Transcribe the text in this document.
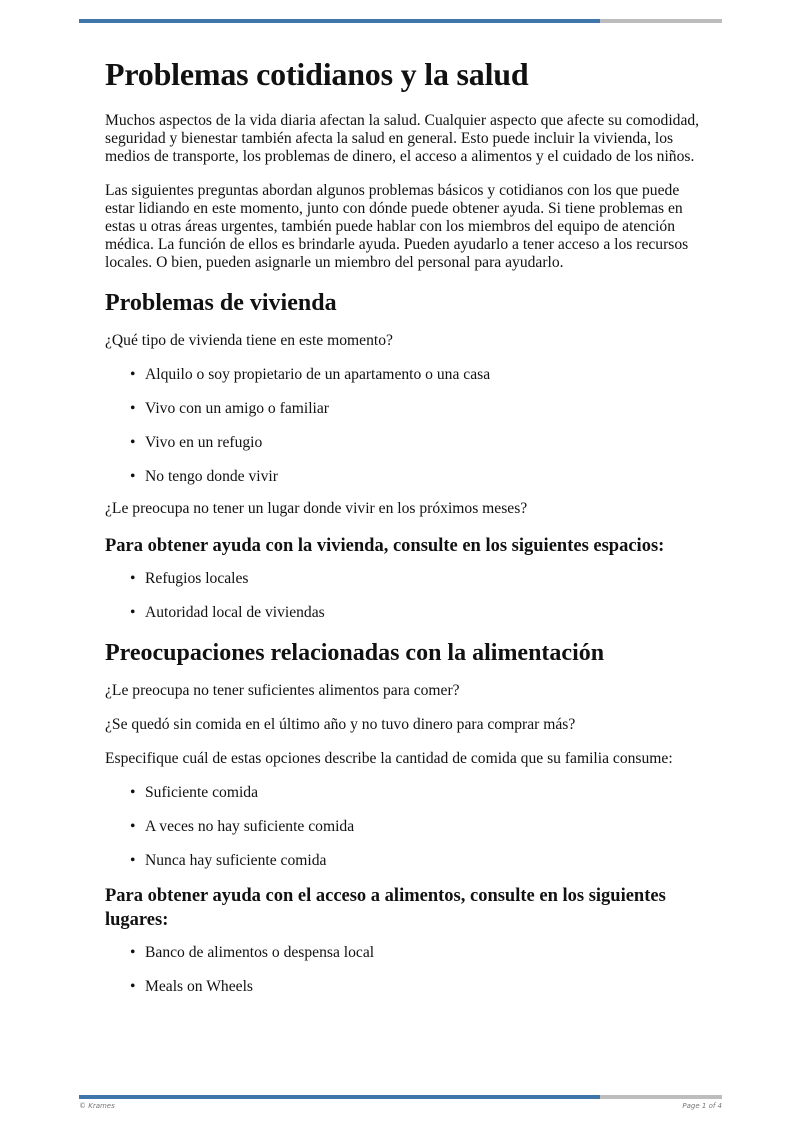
Problemas cotidianos y la salud

Muchos aspectos de la vida diaria afectan la salud. Cualquier aspecto que afecte su comodidad, seguridad y bienestar también afecta la salud en general. Esto puede incluir la vivienda, los medios de transporte, los problemas de dinero, el acceso a alimentos y el cuidado de los niños.

Las siguientes preguntas abordan algunos problemas básicos y cotidianos con los que puede estar lidiando en este momento, junto con dónde puede obtener ayuda. Si tiene problemas en estas u otras áreas urgentes, también puede hablar con los miembros del equipo de atención médica. La función de ellos es brindarle ayuda. Pueden ayudarlo a tener acceso a los recursos locales. O bien, pueden asignarle un miembro del personal para ayudarlo.

Problemas de vivienda

¿Qué tipo de vivienda tiene en este momento?

• Alquilo o soy propietario de un apartamento o una casa
• Vivo con un amigo o familiar
• Vivo en un refugio
• No tengo donde vivir

¿Le preocupa no tener un lugar donde vivir en los próximos meses?

Para obtener ayuda con la vivienda, consulte en los siguientes espacios:
• Refugios locales
• Autoridad local de viviendas
Preocupaciones relacionadas con la alimentación

¿Le preocupa no tener suficientes alimentos para comer?

¿Se quedó sin comida en el último año y no tuvo dinero para comprar más?

Especifique cuál de estas opciones describe la cantidad de comida que su familia consume:

• Suficiente comida
• A veces no hay suficiente comida
• Nunca hay suficiente comida
Para obtener ayuda con el acceso a alimentos, consulte en los siguientes lugares:
• Banco de alimentos o despensa local
• Meals on Wheels
© Krames	Page 1 of 4
